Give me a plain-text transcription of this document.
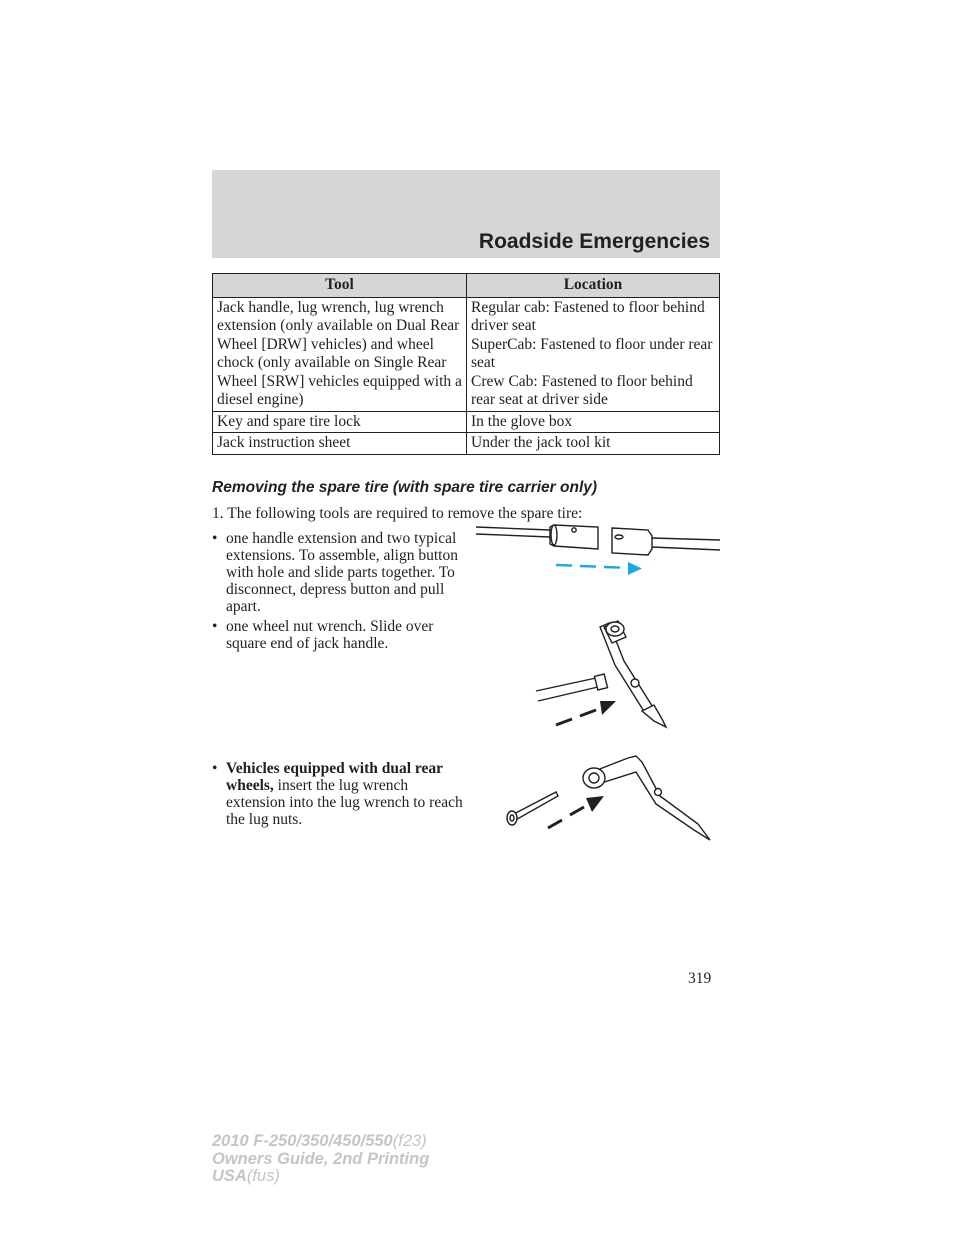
Roadside Emergencies
Tool	Location
Jack handle, lug wrench, lug wrench extension (only available on Dual Rear Wheel [DRW] vehicles) and wheel chock (only available on Single Rear Wheel [SRW] vehicles equipped with a diesel engine)	Regular cab: Fastened to floor behind driver seat
SuperCab: Fastened to floor under rear seat
Crew Cab: Fastened to floor behind rear seat at driver side

Key and spare tire lock	In the glove box

Jack instruction sheet	Under the jack tool kit
Removing the spare tire (with spare tire carrier only)
1. The following tools are required to remove the spare tire:
• one handle extension and two typical extensions. To assemble, align button with hole and slide parts together. To disconnect, depress button and pull apart.
• one wheel nut wrench. Slide over square end of jack handle.
• Vehicles equipped with dual rear wheels, insert the lug wrench extension into the lug wrench to reach the lug nuts.
319
2010 F-250/350/450/550(f23)
Owners Guide, 2nd Printing
USA(fus)
